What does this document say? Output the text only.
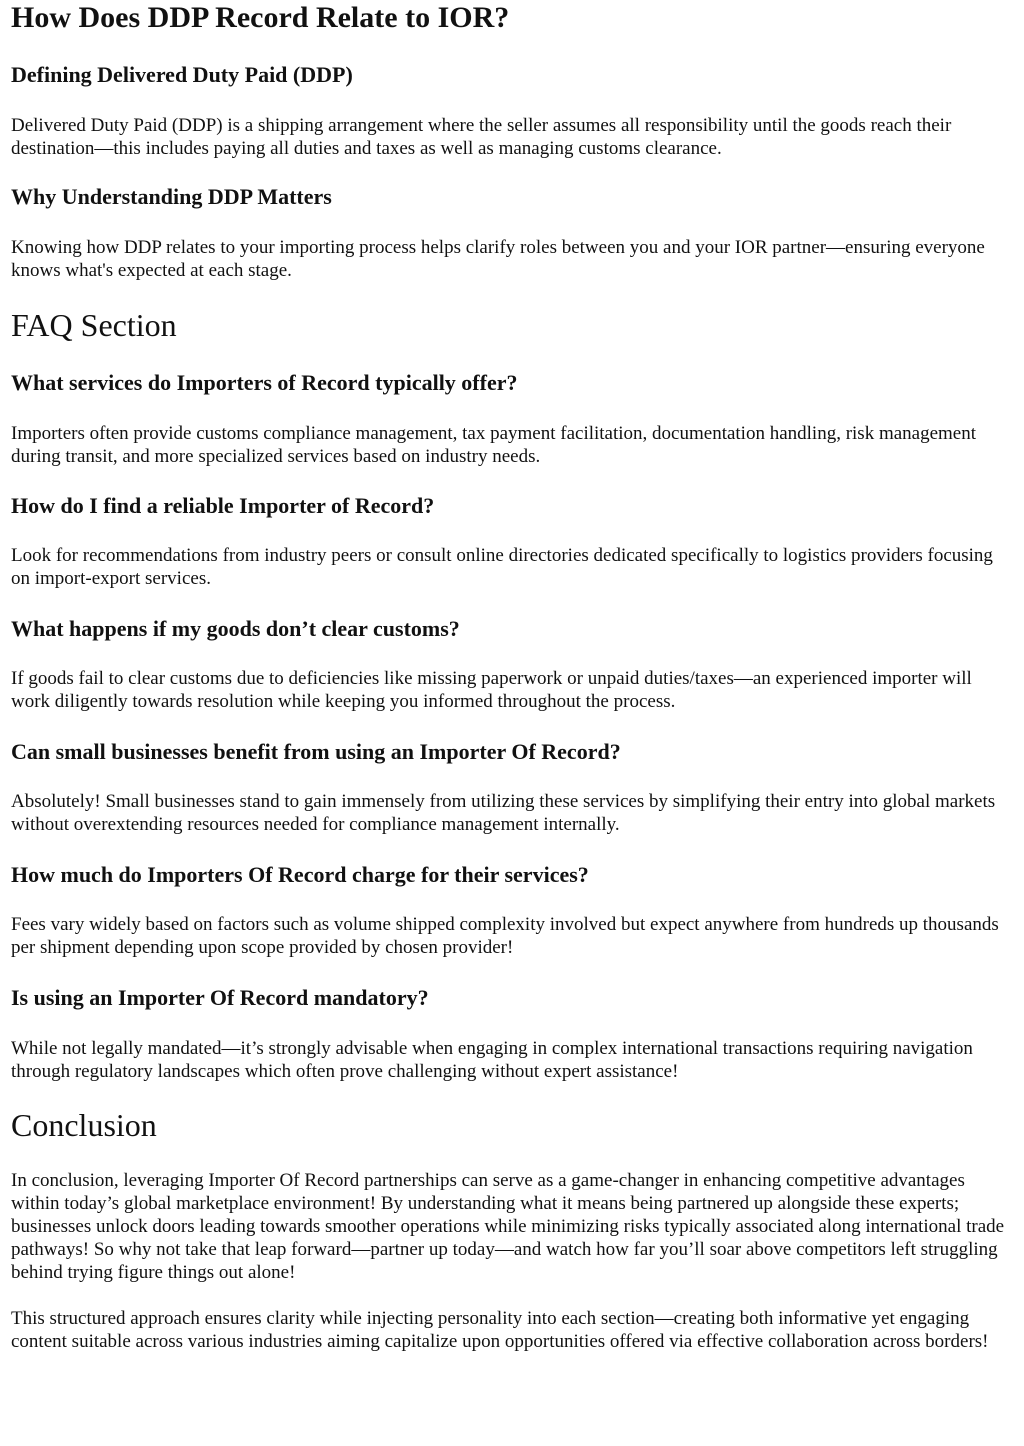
How Does DDP Record Relate to IOR?
Defining Delivered Duty Paid (DDP)

Delivered Duty Paid (DDP) is a shipping arrangement where the seller assumes all responsibility until the goods reach their destination—this includes paying all duties and taxes as well as managing customs clearance.

Why Understanding DDP Matters

Knowing how DDP relates to your importing process helps clarify roles between you and your IOR partner—ensuring everyone knows what's expected at each stage.

FAQ Section
What services do Importers of Record typically offer?

Importers often provide customs compliance management, tax payment facilitation, documentation handling, risk management during transit, and more specialized services based on industry needs.

How do I find a reliable Importer of Record?

Look for recommendations from industry peers or consult online directories dedicated specifically to logistics providers focusing on import-export services.

What happens if my goods don’t clear customs?

If goods fail to clear customs due to deficiencies like missing paperwork or unpaid duties/taxes—an experienced importer will work diligently towards resolution while keeping you informed throughout the process.

Can small businesses benefit from using an Importer Of Record?

Absolutely! Small businesses stand to gain immensely from utilizing these services by simplifying their entry into global markets without overextending resources needed for compliance management internally.

How much do Importers Of Record charge for their services?

Fees vary widely based on factors such as volume shipped complexity involved but expect anywhere from hundreds up thousands per shipment depending upon scope provided by chosen provider!

Is using an Importer Of Record mandatory?

While not legally mandated—it’s strongly advisable when engaging in complex international transactions requiring navigation through regulatory landscapes which often prove challenging without expert assistance!

Conclusion

In conclusion, leveraging Importer Of Record partnerships can serve as a game-changer in enhancing competitive advantages within today’s global marketplace environment! By understanding what it means being partnered up alongside these experts; businesses unlock doors leading towards smoother operations while minimizing risks typically associated along international trade pathways! So why not take that leap forward—partner up today—and watch how far you’ll soar above competitors left struggling behind trying figure things out alone!

This structured approach ensures clarity while injecting personality into each section—creating both informative yet engaging content suitable across various industries aiming capitalize upon opportunities offered via effective collaboration across borders!
